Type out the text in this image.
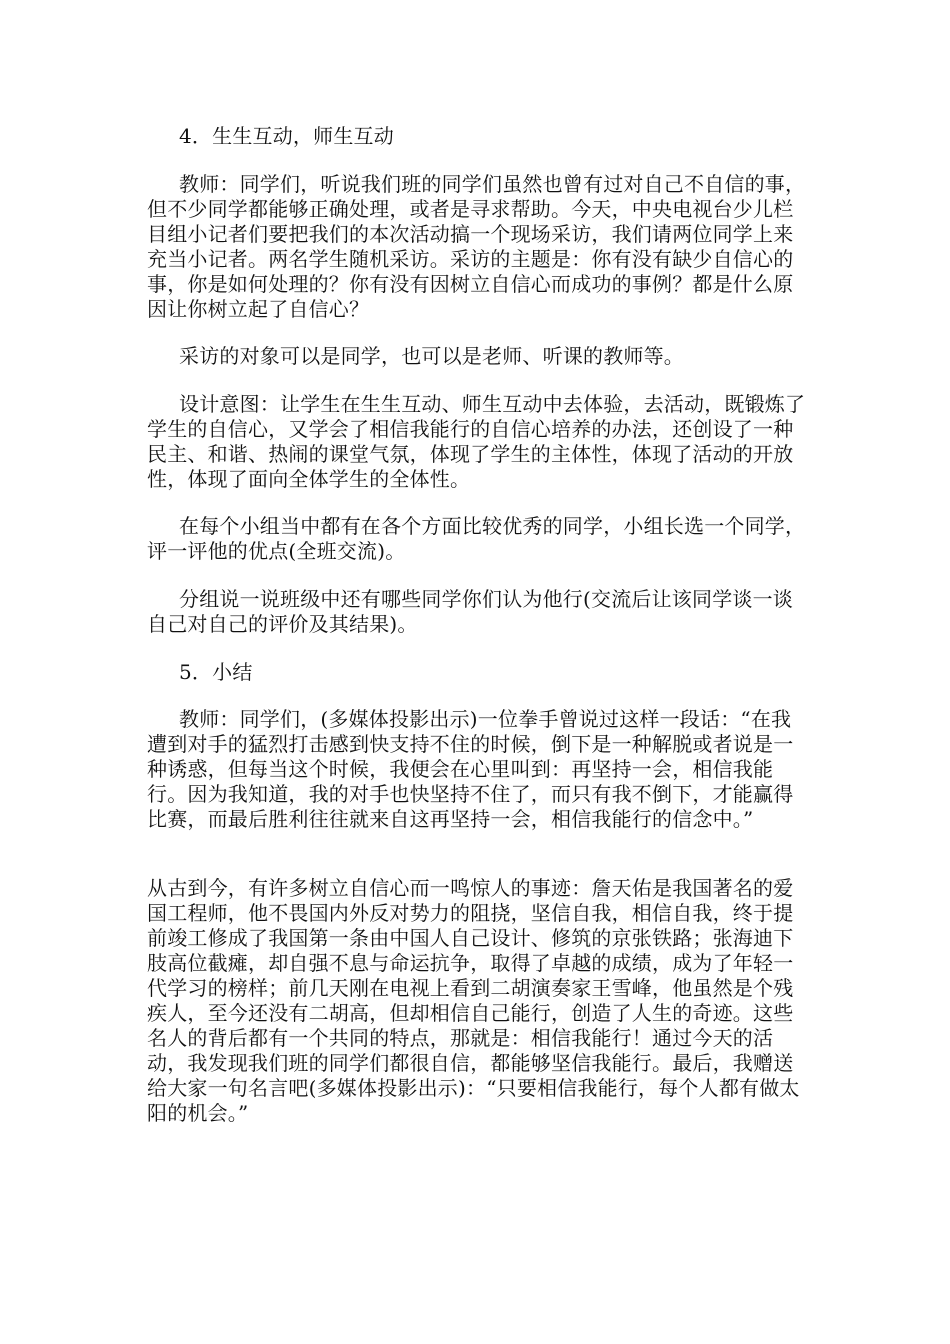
4．生生互动，师生互动
教师：同学们，听说我们班的同学们虽然也曾有过对自己不自信的事，但不少同学都能够正确处理，或者是寻求帮助。今天，中央电视台少儿栏目组小记者们要把我们的本次活动搞一个现场采访，我们请两位同学上来充当小记者。两名学生随机采访。采访的主题是：你有没有缺少自信心的事，你是如何处理的？你有没有因树立自信心而成功的事例？都是什么原因让你树立起了自信心？
采访的对象可以是同学，也可以是老师、听课的教师等。
设计意图：让学生在生生互动、师生互动中去体验，去活动，既锻炼了学生的自信心，又学会了相信我能行的自信心培养的办法，还创设了一种民主、和谐、热闹的课堂气氛，体现了学生的主体性，体现了活动的开放性，体现了面向全体学生的全体性。
在每个小组当中都有在各个方面比较优秀的同学，小组长选一个同学，评一评他的优点(全班交流)。
分组说一说班级中还有哪些同学你们认为他行(交流后让该同学谈一谈自己对自己的评价及其结果)。
5．小结
教师：同学们，(多媒体投影出示)一位拳手曾说过这样一段话：“在我遭到对手的猛烈打击感到快支持不住的时候，倒下是一种解脱或者说是一种诱惑，但每当这个时候，我便会在心里叫到：再坚持一会，相信我能行。因为我知道，我的对手也快坚持不住了，而只有我不倒下，才能赢得比赛，而最后胜利往往就来自这再坚持一会，相信我能行的信念中。”
从古到今，有许多树立自信心而一鸣惊人的事迹：詹天佑是我国著名的爱国工程师，他不畏国内外反对势力的阻挠，坚信自我，相信自我，终于提前竣工修成了我国第一条由中国人自己设计、修筑的京张铁路；张海迪下肢高位截瘫，却自强不息与命运抗争，取得了卓越的成绩，成为了年轻一代学习的榜样；前几天刚在电视上看到二胡演奏家王雪峰，他虽然是个残疾人，至今还没有二胡高，但却相信自己能行，创造了人生的奇迹。这些名人的背后都有一个共同的特点，那就是：相信我能行！通过今天的活动，我发现我们班的同学们都很自信，都能够坚信我能行。最后，我赠送给大家一句名言吧(多媒体投影出示)：“只要相信我能行，每个人都有做太阳的机会。”
